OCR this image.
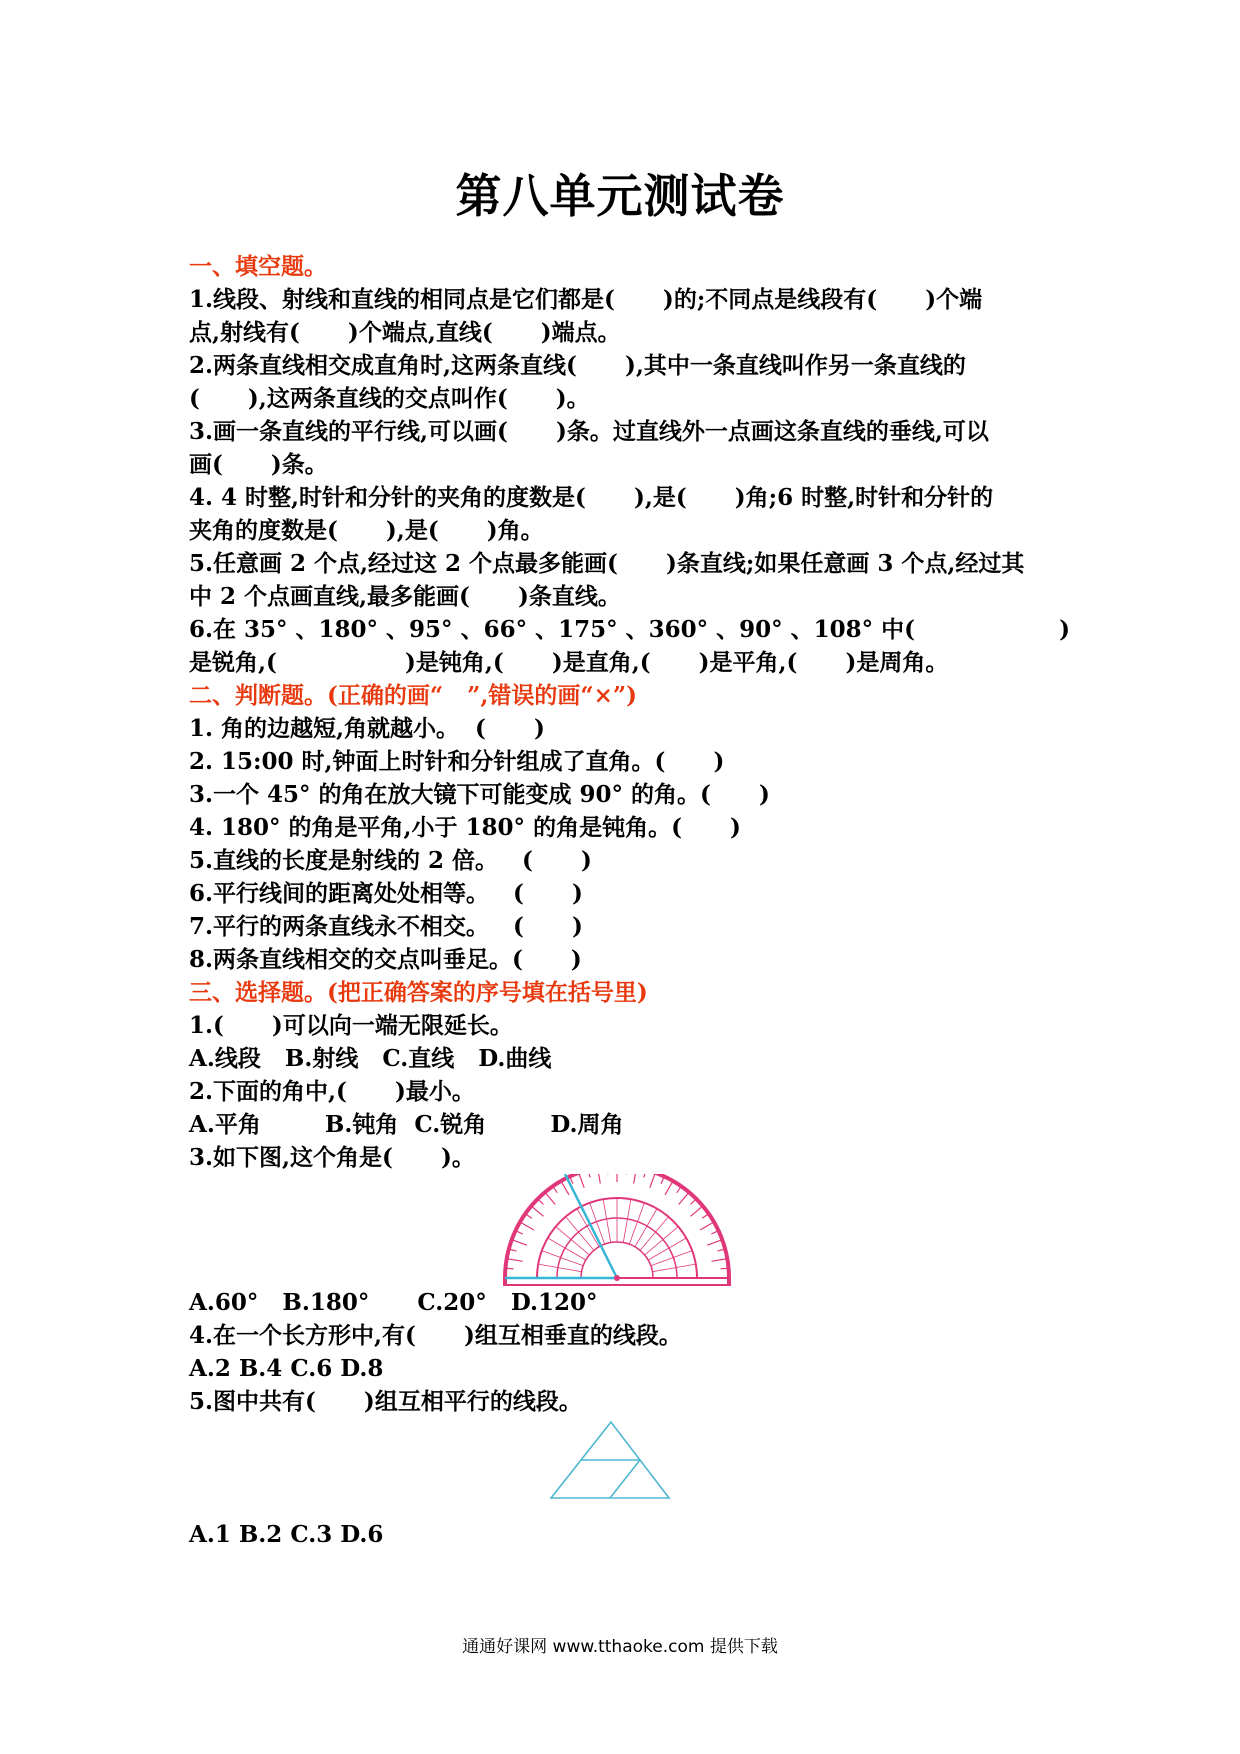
第八单元测试卷
一、填空题。
1.线段、射线和直线的相同点是它们都是(      )的;不同点是线段有(      )个端
点,射线有(      )个端点,直线(      )端点。
2.两条直线相交成直角时,这两条直线(      ),其中一条直线叫作另一条直线的
(      ),这两条直线的交点叫作(      )。
3.画一条直线的平行线,可以画(      )条。过直线外一点画这条直线的垂线,可以
画(      )条。
4. 4 时整,时针和分针的夹角的度数是(      ),是(      )角;6 时整,时针和分针的
夹角的度数是(      ),是(      )角。
5.任意画 2 个点,经过这 2 个点最多能画(      )条直线;如果任意画 3 个点,经过其
中 2 个点画直线,最多能画(      )条直线。
6.在 35° 、180° 、95° 、66° 、175° 、360° 、90° 、108° 中(                  )
是锐角,(                )是钝角,(      )是直角,(      )是平角,(      )是周角。
二、判断题。(正确的画“   ”,错误的画“×”)
1. 角的边越短,角就越小。  (      )
2. 15:00 时,钟面上时针和分针组成了直角。(      )
3.一个 45° 的角在放大镜下可能变成 90° 的角。(      )
4. 180° 的角是平角,小于 180° 的角是钝角。(      )
5.直线的长度是射线的 2 倍。   (      )
6.平行线间的距离处处相等。   (      )
7.平行的两条直线永不相交。   (      )
8.两条直线相交的交点叫垂足。(      )
三、选择题。(把正确答案的序号填在括号里)
1.(      )可以向一端无限延长。
A.线段   B.射线   C.直线   D.曲线
2.下面的角中,(      )最小。
A.平角        B.钝角  C.锐角        D.周角
3.如下图,这个角是(      )。
A.60°   B.180°      C.20°   D.120°
4.在一个长方形中,有(      )组互相垂直的线段。
A.2 B.4 C.6 D.8
5.图中共有(      )组互相平行的线段。
A.1 B.2 C.3 D.6
通通好课网 www.tthaoke.com 提供下载
